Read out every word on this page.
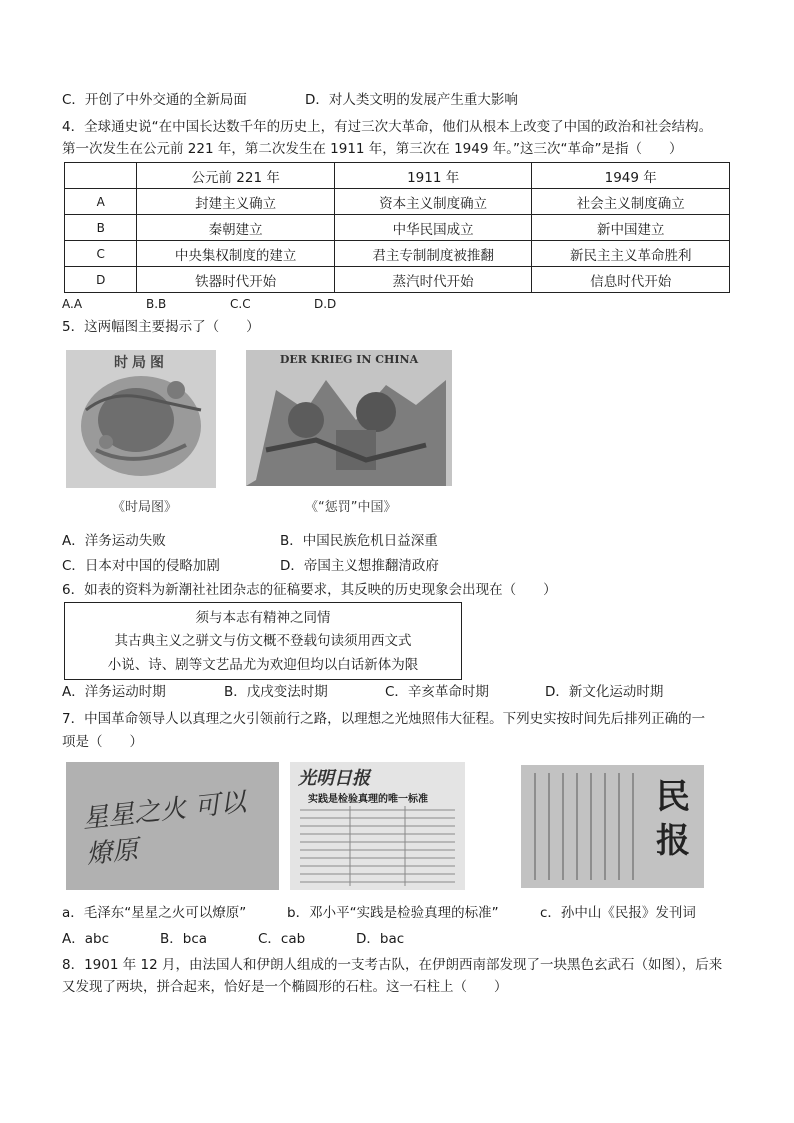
C．开创了中外交通的全新局面	D．对人类文明的发展产生重大影响
4．全球通史说“在中国长达数千年的历史上，有过三次大革命，他们从根本上改变了中国的政治和社会结构。
第一次发生在公元前 221 年，第二次发生在 1911 年，第三次在 1949 年。”这三次“革命”是指（　　）
	公元前 221 年	1911 年	1949 年
A	封建主义确立	资本主义制度确立	社会主义制度确立
B	秦朝建立	中华民国成立	新中国建立
C	中央集权制度的建立	君主专制制度被推翻	新民主主义革命胜利
D	铁器时代开始	蒸汽时代开始	信息时代开始
A.A	B.B	C.C	D.D
5．这两幅图主要揭示了（　　）
时局图
《时局图》
DER KRIEG IN CHINA
《“惩罚”中国》
A．洋务运动失败	B．中国民族危机日益深重
C．日本对中国的侵略加剧	D．帝国主义想推翻清政府
6．如表的资料为新潮社社团杂志的征稿要求，其反映的历史现象会出现在（　　）
须与本志有精神之同情
其古典主义之骈文与仿文概不登载句读须用西文式
小说、诗、剧等文艺品尤为欢迎但均以白话新体为限
A．洋务运动时期	B．戊戌变法时期	C．辛亥革命时期	D．新文化运动时期
7．中国革命领导人以真理之火引领前行之路，以理想之光烛照伟大征程。下列史实按时间先后排列正确的一
项是（　　）
星星之火 可以燎原
光明日报
实践是检验真理的唯一标准	民 报
a．毛泽东“星星之火可以燎原”	b．邓小平“实践是检验真理的标准”	c．孙中山《民报》发刊词
A．abc	B．bca	C．cab	D．bac
8．1901 年 12 月，由法国人和伊朗人组成的一支考古队，在伊朗西南部发现了一块黑色玄武石（如图），后来
又发现了两块，拼合起来，恰好是一个椭圆形的石柱。这一石柱上（　　）
